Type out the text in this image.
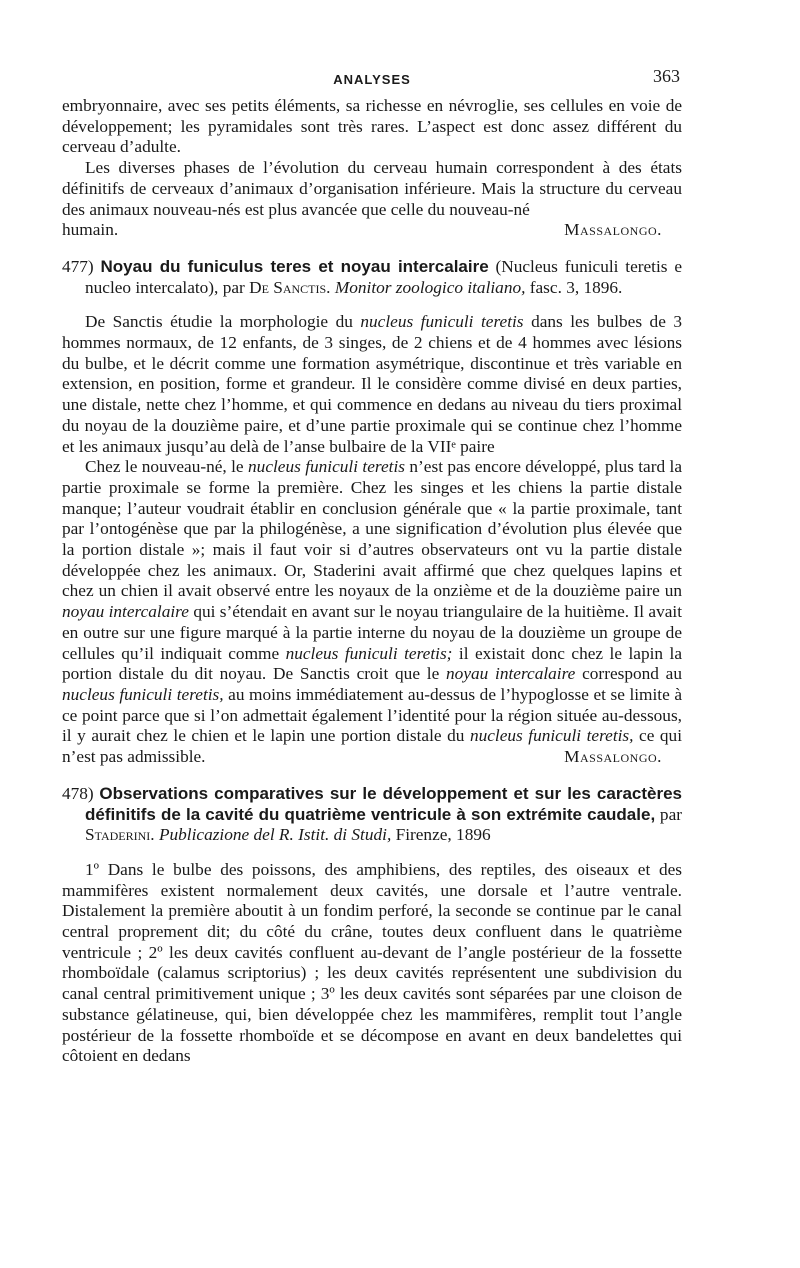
ANALYSES	363

embryonnaire, avec ses petits éléments, sa richesse en névroglie, ses cellules en voie de développement; les pyramidales sont très rares. L’aspect est donc assez différent du cerveau d’adulte.

Les diverses phases de l’évolution du cerveau humain correspondent à des états définitifs de cerveaux d’animaux d’organisation inférieure. Mais la structure du cerveau des animaux nouveau-nés est plus avancée que celle du nouveau-né

humain.	Massalongo.

477) Noyau du funiculus teres et noyau intercalaire (Nucleus funiculi teretis e nucleo intercalato), par De Sanctis. Monitor zoologico italiano, fasc. 3, 1896.

De Sanctis étudie la morphologie du nucleus funiculi teretis dans les bulbes de 3 hommes normaux, de 12 enfants, de 3 singes, de 2 chiens et de 4 hommes avec lésions du bulbe, et le décrit comme une formation asymétrique, discontinue et très variable en extension, en position, forme et grandeur. Il le considère comme divisé en deux parties, une distale, nette chez l’homme, et qui commence en dedans au niveau du tiers proximal du noyau de la douzième paire, et d’une partie proximale qui se continue chez l’homme et les animaux jusqu’au delà de l’anse bulbaire de la VIIᵉ paire

Chez le nouveau-né, le nucleus funiculi teretis n’est pas encore développé, plus tard la partie proximale se forme la première. Chez les singes et les chiens la partie distale manque; l’auteur voudrait établir en conclusion générale que « la partie proximale, tant par l’ontogénèse que par la philogénèse, a une signification d’évolution plus élevée que la portion distale »; mais il faut voir si d’autres observateurs ont vu la partie distale développée chez les animaux. Or, Staderini avait affirmé que chez quelques lapins et chez un chien il avait observé entre les noyaux de la onzième et de la douzième paire un noyau intercalaire qui s’étendait en avant sur le noyau triangulaire de la huitième. Il avait en outre sur une figure marqué à la partie interne du noyau de la douzième un groupe de cellules qu’il indiquait comme nucleus funiculi teretis; il existait donc chez le lapin la portion distale du dit noyau. De Sanctis croit que le noyau intercalaire correspond au nucleus funiculi teretis, au moins immédiatement au-dessus de l’hypoglosse et se limite à ce point parce que si l’on admettait également l’identité pour la région située au-dessous, il y aurait chez le chien et le lapin une portion distale du nucleus funiculi teretis, ce qui n’est pas admissible.	Massalongo.

478) Observations comparatives sur le développement et sur les caractères définitifs de la cavité du quatrième ventricule à son extrémite caudale, par Staderini. Publicazione del R. Istit. di Studi, Firenze, 1896

1º Dans le bulbe des poissons, des amphibiens, des reptiles, des oiseaux et des mammifères existent normalement deux cavités, une dorsale et l’autre ventrale. Distalement la première aboutit à un fondim perforé, la seconde se continue par le canal central proprement dit; du côté du crâne, toutes deux confluent dans le quatrième ventricule ; 2º les deux cavités confluent au-devant de l’angle postérieur de la fossette rhomboïdale (calamus scriptorius) ; les deux cavités représentent une subdivision du canal central primitivement unique ; 3º les deux cavités sont séparées par une cloison de substance gélatineuse, qui, bien développée chez les mammifères, remplit tout l’angle postérieur de la fossette rhomboïde et se décompose en avant en deux bandelettes qui côtoient en dedans
